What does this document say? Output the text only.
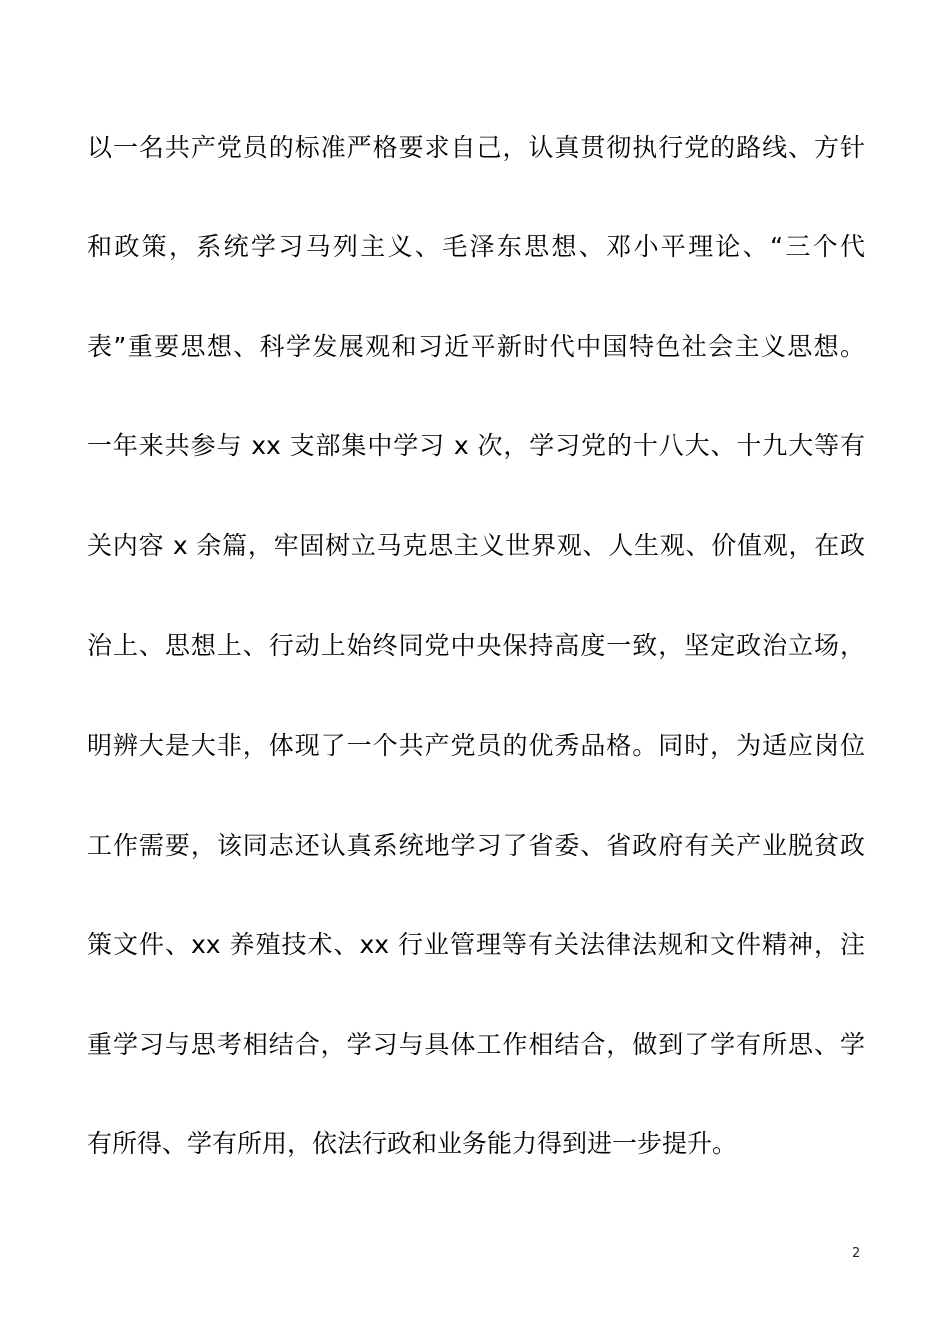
以一名共产党员的标准严格要求自己，认真贯彻执行党的路线、方针
和政策，系统学习马列主义、毛泽东思想、邓小平理论、“三个代
表”重要思想、科学发展观和习近平新时代中国特色社会主义思想。
一年来共参与 xx 支部集中学习 x 次，学习党的十八大、十九大等有
关内容 x 余篇，牢固树立马克思主义世界观、人生观、价值观，在政
治上、思想上、行动上始终同党中央保持高度一致，坚定政治立场，
明辨大是大非，体现了一个共产党员的优秀品格。同时，为适应岗位
工作需要，该同志还认真系统地学习了省委、省政府有关产业脱贫政
策文件、xx 养殖技术、xx 行业管理等有关法律法规和文件精神，注
重学习与思考相结合，学习与具体工作相结合，做到了学有所思、学
有所得、学有所用，依法行政和业务能力得到进一步提升。
2
